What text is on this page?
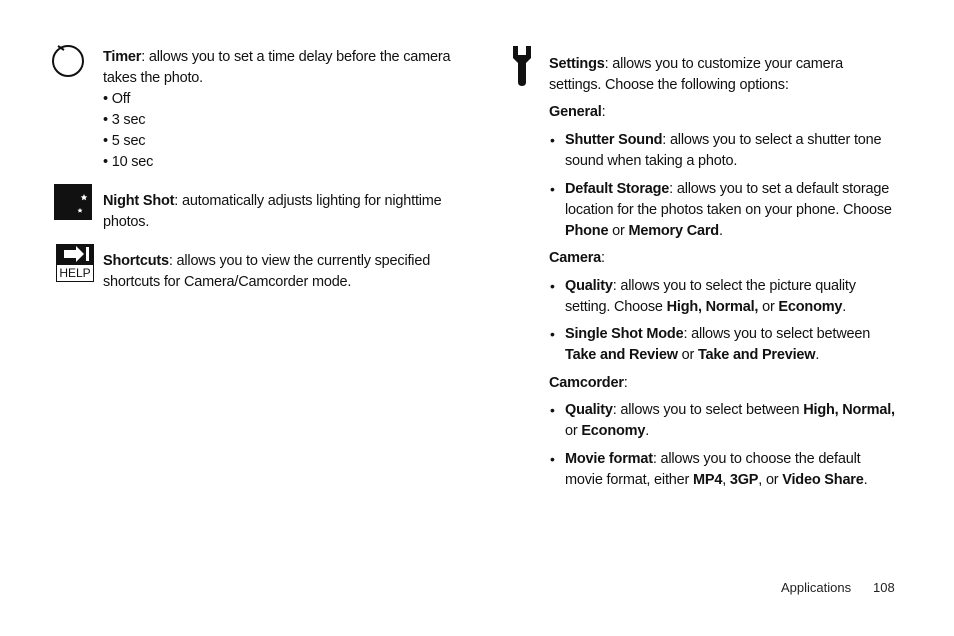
Timer: allows you to set a time delay before the camera takes the photo.
• Off
• 3 sec
• 5 sec
• 10 sec
Night Shot: automatically adjusts lighting for nighttime photos.
HELP
Shortcuts: allows you to view the currently specified shortcuts for Camera/Camcorder mode.
Settings: allows you to customize your camera settings. Choose the following options:
General:
• Shutter Sound: allows you to select a shutter tone sound when taking a photo.
• Default Storage: allows you to set a default storage location for the photos taken on your phone. Choose Phone or Memory Card.
Camera:
• Quality: allows you to select the picture quality setting. Choose High, Normal, or Economy.
• Single Shot Mode: allows you to select between Take and Review or Take and Preview.
Camcorder:
• Quality: allows you to select between High, Normal, or Economy.
• Movie format: allows you to choose the default movie format, either MP4, 3GP, or Video Share.
Applications 108
